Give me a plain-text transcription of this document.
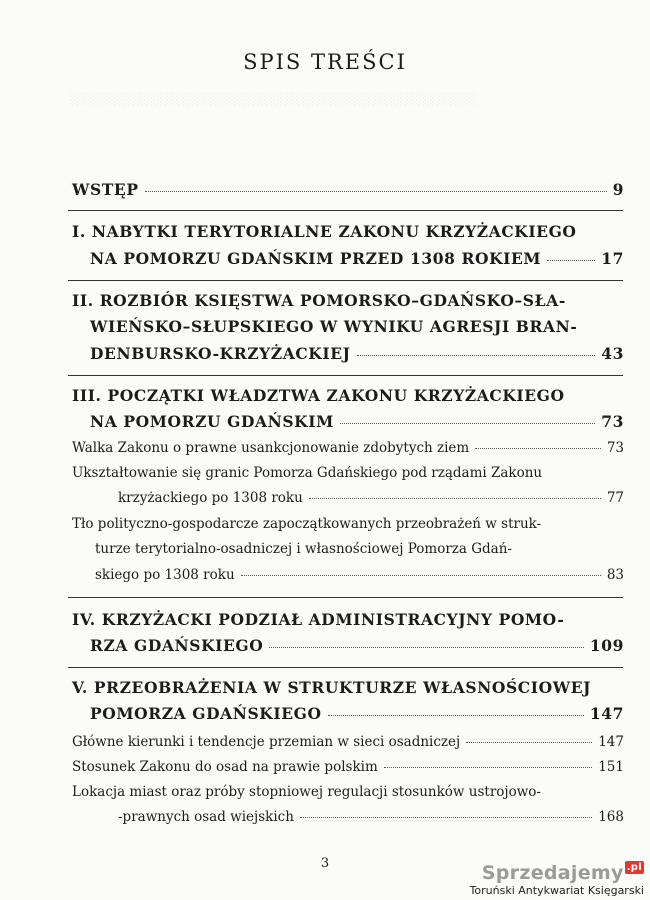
░░░░░░░░░░░░░░░░░░░░░░░░░░░░░░░░░░░░░░░░░░░░
SPIS TREŚCI
WSTĘP	9
I. NABYTKI TERYTORIALNE ZAKONU KRZYŻACKIEGO
NA POMORZU GDAŃSKIM PRZED 1308 ROKIEM	17
II. ROZBIÓR KSIĘSTWA POMORSKO–GDAŃSKO–SŁA-
WIEŃSKO–SŁUPSKIEGO W WYNIKU AGRESJI BRAN-
DENBURSKO-KRZYŻACKIEJ	43
III. POCZĄTKI WŁADZTWA ZAKONU KRZYŻACKIEGO
NA POMORZU GDAŃSKIM	73
Walka Zakonu o prawne usankcjonowanie zdobytych ziem	73
Ukształtowanie się granic Pomorza Gdańskiego pod rządami Zakonu
krzyżackiego po 1308 roku	77
Tło polityczno-gospodarcze zapoczątkowanych przeobrażeń w struk-
turze terytorialno-osadniczej i własnościowej Pomorza Gdań-
skiego po 1308 roku	83
IV. KRZYŻACKI PODZIAŁ ADMINISTRACYJNY POMO-
RZA GDAŃSKIEGO	109
V. PRZEOBRAŻENIA W STRUKTURZE WŁASNOŚCIOWEJ
POMORZA GDAŃSKIEGO	147
Główne kierunki i tendencje przemian w sieci osadniczej	147
Stosunek Zakonu do osad na prawie polskim	151
Lokacja miast oraz próby stopniowej regulacji stosunków ustrojowo-
-prawnych osad wiejskich	168
3	Sprzedajemy $^{.pl}$
Toruński Antykwariat Księgarski
